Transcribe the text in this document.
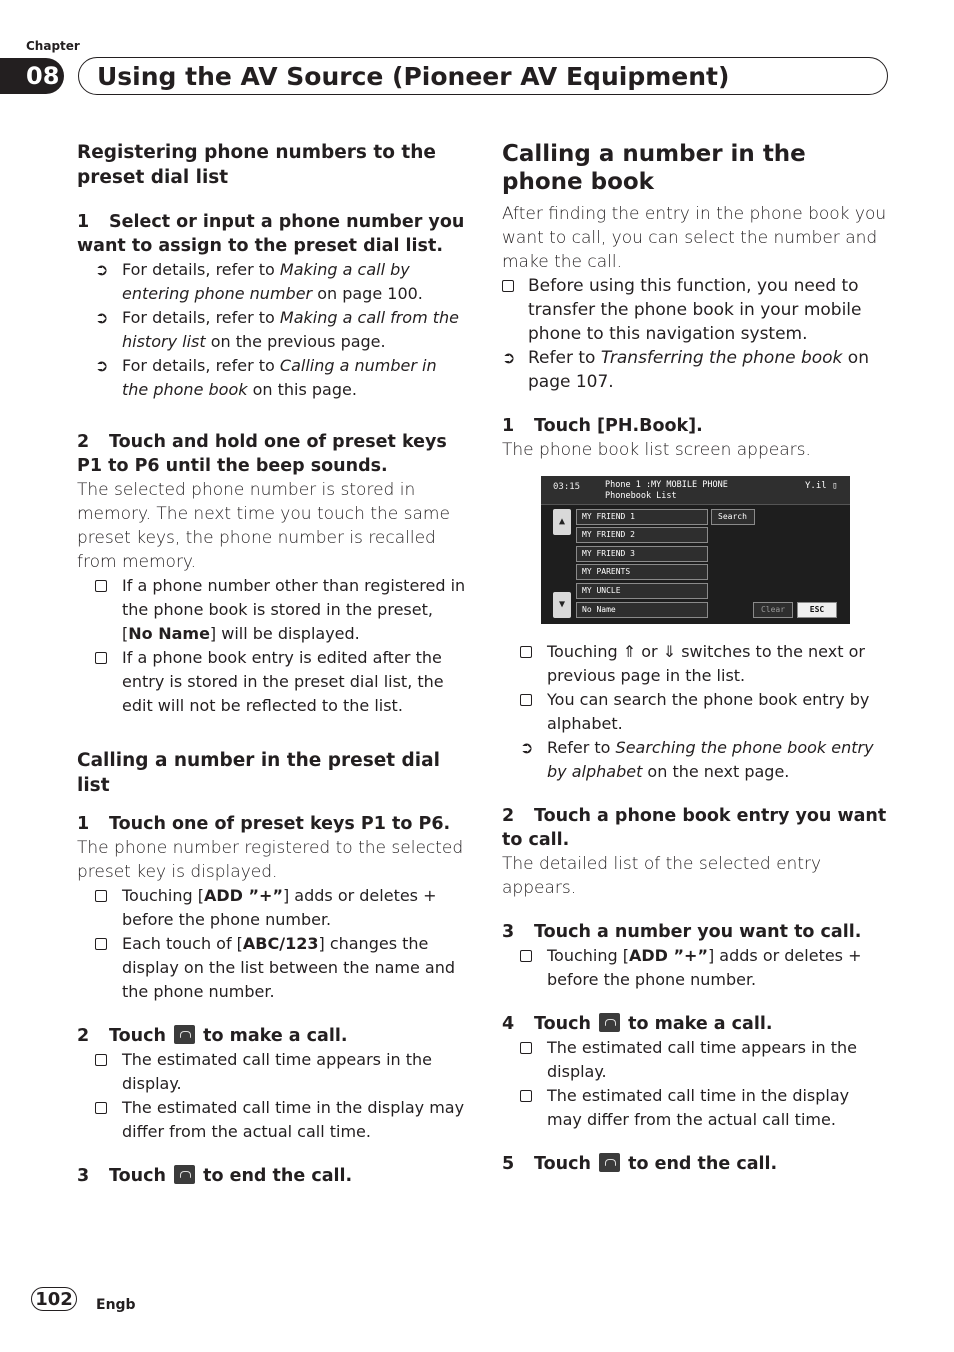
Chapter
08 Using the AV Source (Pioneer AV Equipment)

Registering phone numbers to the preset dial list

1 Select or input a phone number you want to assign to the preset dial list.

➲ For details, refer to Making a call by entering phone number on page 100.

➲ For details, refer to Making a call from the history list on the previous page.

➲ For details, refer to Calling a number in the phone book on this page.

2 Touch and hold one of preset keys P1 to P6 until the beep sounds.

The selected phone number is stored in memory. The next time you touch the same preset keys, the phone number is recalled from memory.

If a phone number other than registered in the phone book is stored in the preset, [No Name] will be displayed.

If a phone book entry is edited after the entry is stored in the preset dial list, the edit will not be reflected to the list.

Calling a number in the preset dial list

1 Touch one of preset keys P1 to P6.

The phone number registered to the selected preset key is displayed.

Touching [ADD ”+”] adds or deletes + before the phone number.

Each touch of [ABC/123] changes the display on the list between the name and the phone number.

2 Touch to make a call.

The estimated call time appears in the display.

The estimated call time in the display may differ from the actual call time.

3 Touch to end the call.

Calling a number in the phone book

After finding the entry in the phone book you want to call, you can select the number and make the call.

Before using this function, you need to transfer the phone book in your mobile phone to this navigation system.

➲ Refer to Transferring the phone book on page 107.

1 Touch [PH.Book].

The phone book list screen appears.

03:15	Phone 1 :MY MOBILE PHONE
Phonebook List
Y.il ▯
▲
▼
MY FRIEND 1
MY FRIEND 2
MY FRIEND 3
MY PARENTS
MY UNCLE
No Name
Search
Clear	ESC

Touching ⇑ or ⇓ switches to the next or previous page in the list.

You can search the phone book entry by alphabet.

➲ Refer to Searching the phone book entry by alphabet on the next page.

2 Touch a phone book entry you want to call.

The detailed list of the selected entry appears.

3 Touch a number you want to call.

Touching [ADD ”+”] adds or deletes + before the phone number.

4 Touch to make a call.

The estimated call time appears in the display.

The estimated call time in the display may differ from the actual call time.

5 Touch to end the call.

102	Engb
